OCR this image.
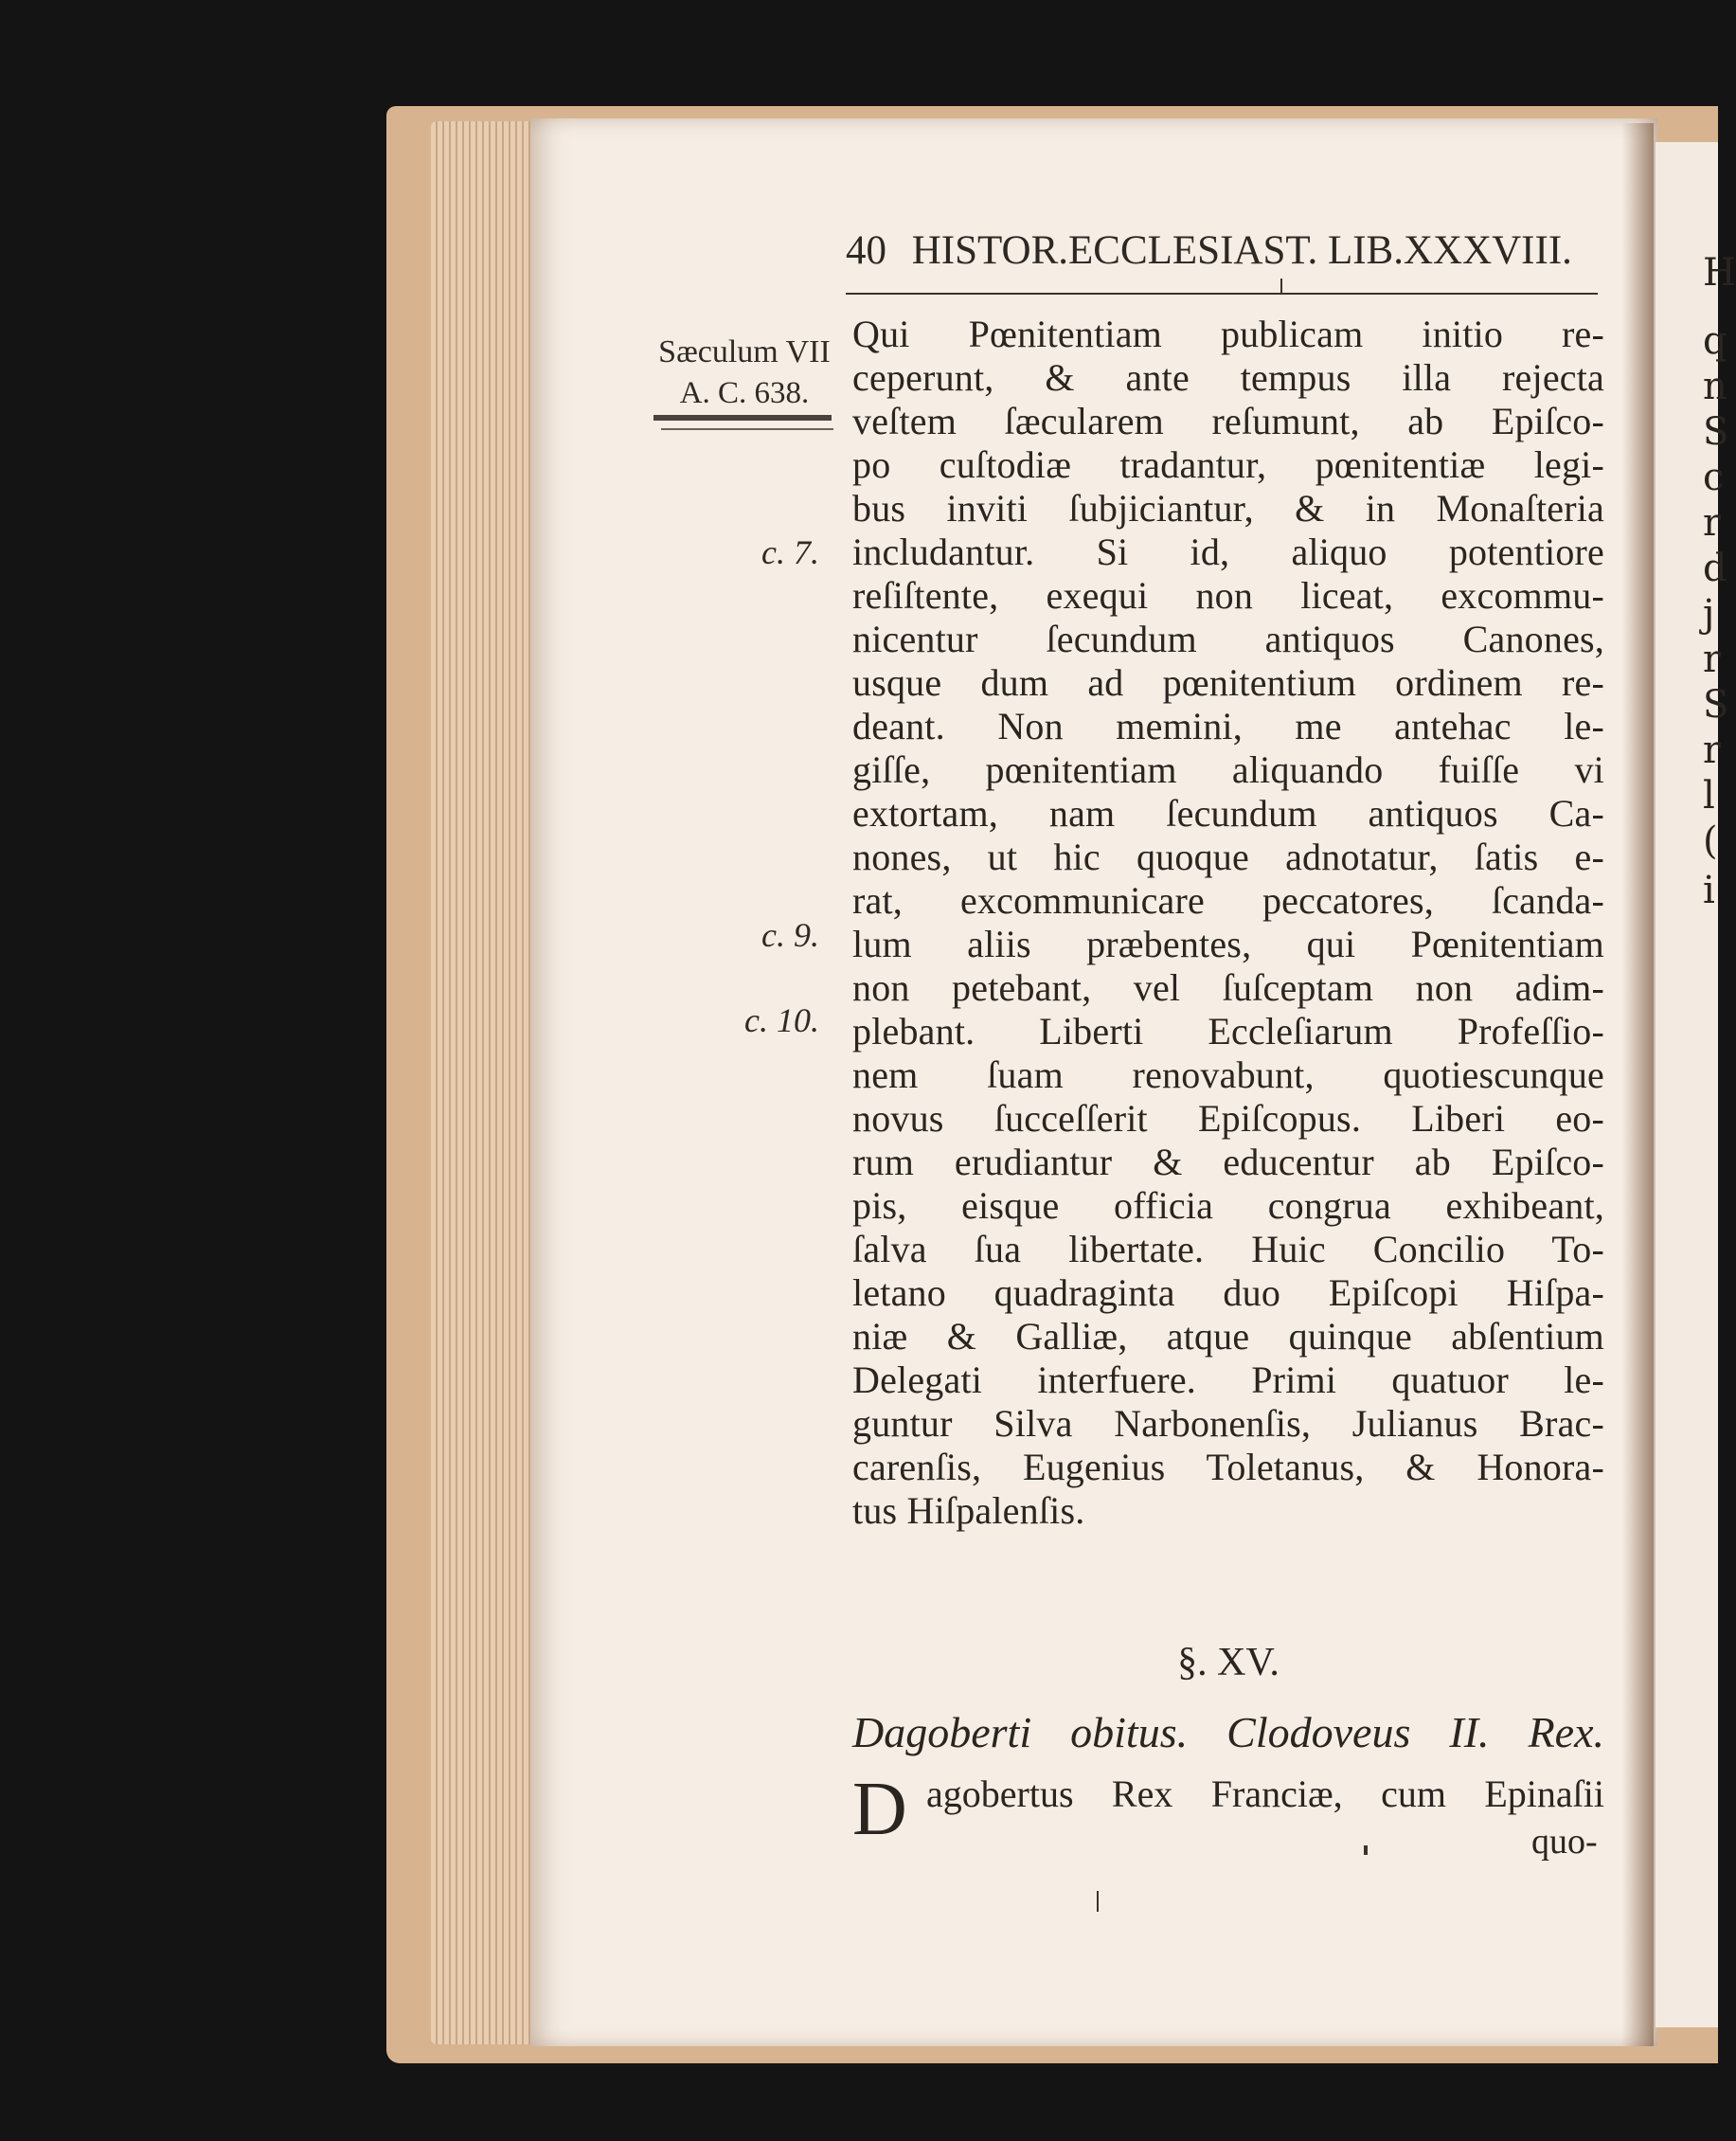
H
q
n
S
c
r
d
j
r
S
r
l
(
i
40 HISTOR.ECCLESIAST. LIB.XXXVIII.
Sæculum VII
A. C. 638.
c. 7.
c. 9.
c. 10.
Qui Pœnitentiam publicam initio re-
ceperunt, & ante tempus illa rejecta
veſtem ſæcularem reſumunt, ab Epiſco-
po cuſtodiæ tradantur, pœnitentiæ legi-
bus inviti ſubjiciantur, & in Monaſteria
includantur. Si id, aliquo potentiore
reſiſtente, exequi non liceat, excommu-
nicentur ſecundum antiquos Canones,
usque dum ad pœnitentium ordinem re-
deant. Non memini, me antehac le-
giſſe, pœnitentiam aliquando fuiſſe vi
extortam, nam ſecundum antiquos Ca-
nones, ut hic quoque adnotatur, ſatis e-
rat, excommunicare peccatores, ſcanda-
lum aliis præbentes, qui Pœnitentiam
non petebant, vel ſuſceptam non adim-
plebant. Liberti Eccleſiarum Profeſſio-
nem ſuam renovabunt, quotiescunque
novus ſucceſſerit Epiſcopus. Liberi eo-
rum erudiantur & educentur ab Epiſco-
pis, eisque officia congrua exhibeant,
ſalva ſua libertate. Huic Concilio To-
letano quadraginta duo Epiſcopi Hiſpa-
niæ & Galliæ, atque quinque abſentium
Delegati interfuere. Primi quatuor le-
guntur Silva Narbonenſis, Julianus Brac-
carenſis, Eugenius Toletanus, & Honora-
tus Hiſpalenſis.
§. XV.
Dagoberti obitus. Clodoveus II. Rex.
D agobertus Rex Franciæ, cum Epinaſii
quo-
